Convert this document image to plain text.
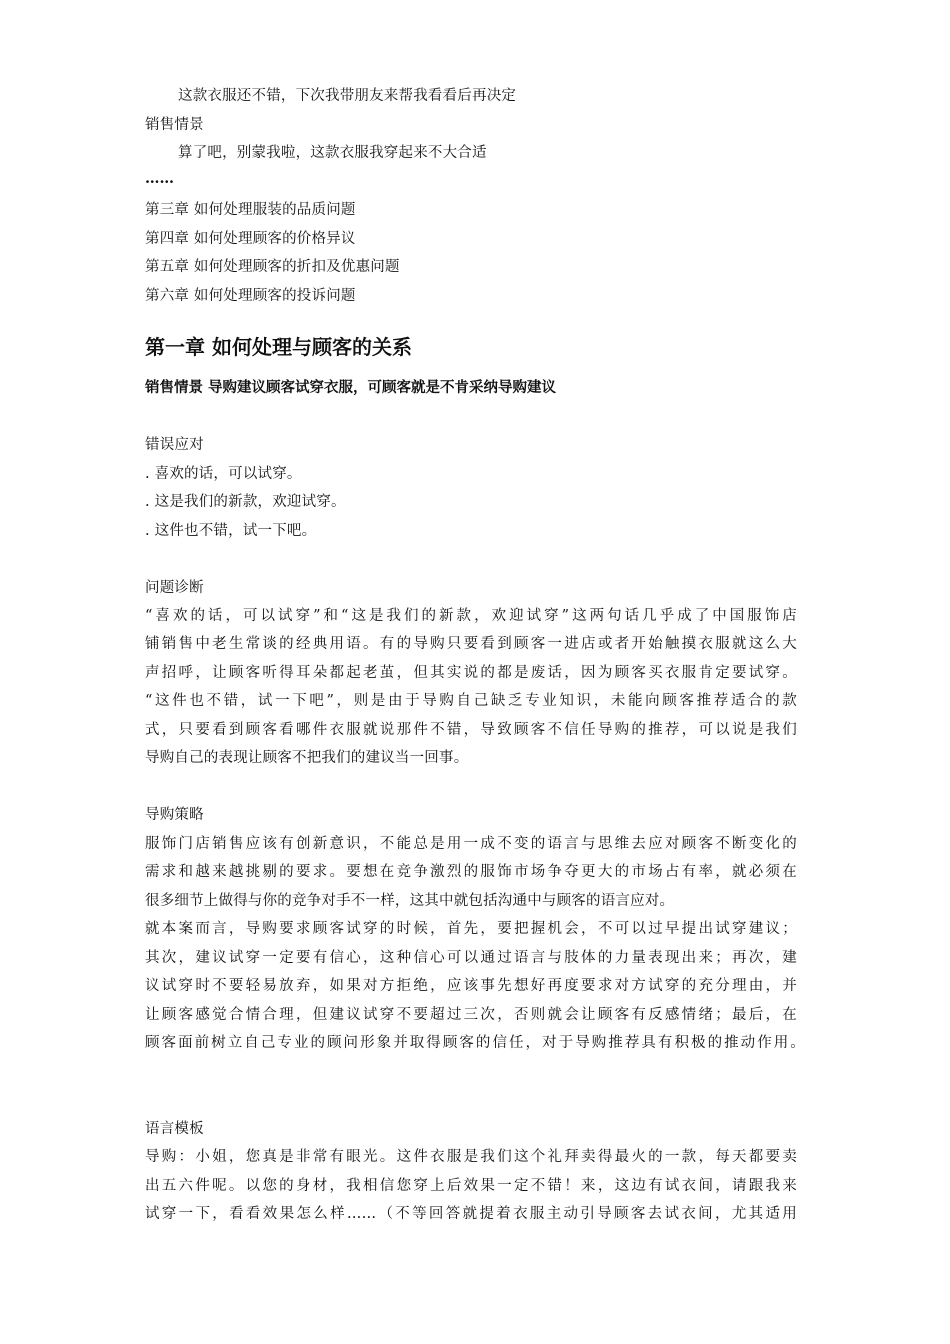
这款衣服还不错，下次我带朋友来帮我看看后再决定
销售情景
算了吧，别蒙我啦，这款衣服我穿起来不大合适
……
第三章 如何处理服装的品质问题
第四章 如何处理顾客的价格异议
第五章 如何处理顾客的折扣及优惠问题
第六章 如何处理顾客的投诉问题
第一章 如何处理与顾客的关系
销售情景 导购建议顾客试穿衣服，可顾客就是不肯采纳导购建议
错误应对
. 喜欢的话，可以试穿。
. 这是我们的新款，欢迎试穿。
. 这件也不错，试一下吧。
问题诊断
“喜欢的话，可以试穿”和“这是我们的新款，欢迎试穿”这两句话几乎成了中国服饰店
铺销售中老生常谈的经典用语。有的导购只要看到顾客一进店或者开始触摸衣服就这么大
声招呼，让顾客听得耳朵都起老茧，但其实说的都是废话，因为顾客买衣服肯定要试穿。
“这件也不错，试一下吧”，则是由于导购自己缺乏专业知识，未能向顾客推荐适合的款
式，只要看到顾客看哪件衣服就说那件不错，导致顾客不信任导购的推荐，可以说是我们
导购自己的表现让顾客不把我们的建议当一回事。
导购策略
服饰门店销售应该有创新意识，不能总是用一成不变的语言与思维去应对顾客不断变化的
需求和越来越挑剔的要求。要想在竞争激烈的服饰市场争夺更大的市场占有率，就必须在
很多细节上做得与你的竞争对手不一样，这其中就包括沟通中与顾客的语言应对。
就本案而言，导购要求顾客试穿的时候，首先，要把握机会，不可以过早提出试穿建议；
其次，建议试穿一定要有信心，这种信心可以通过语言与肢体的力量表现出来；再次，建
议试穿时不要轻易放弃，如果对方拒绝，应该事先想好再度要求对方试穿的充分理由，并
让顾客感觉合情合理，但建议试穿不要超过三次，否则就会让顾客有反感情绪；最后，在
顾客面前树立自己专业的顾问形象并取得顾客的信任，对于导购推荐具有积极的推动作用。
语言模板
导购：小姐，您真是非常有眼光。这件衣服是我们这个礼拜卖得最火的一款，每天都要卖
出五六件呢。以您的身材，我相信您穿上后效果一定不错！来，这边有试衣间，请跟我来
试穿一下，看看效果怎么样……（不等回答就提着衣服主动引导顾客去试衣间，尤其适用
